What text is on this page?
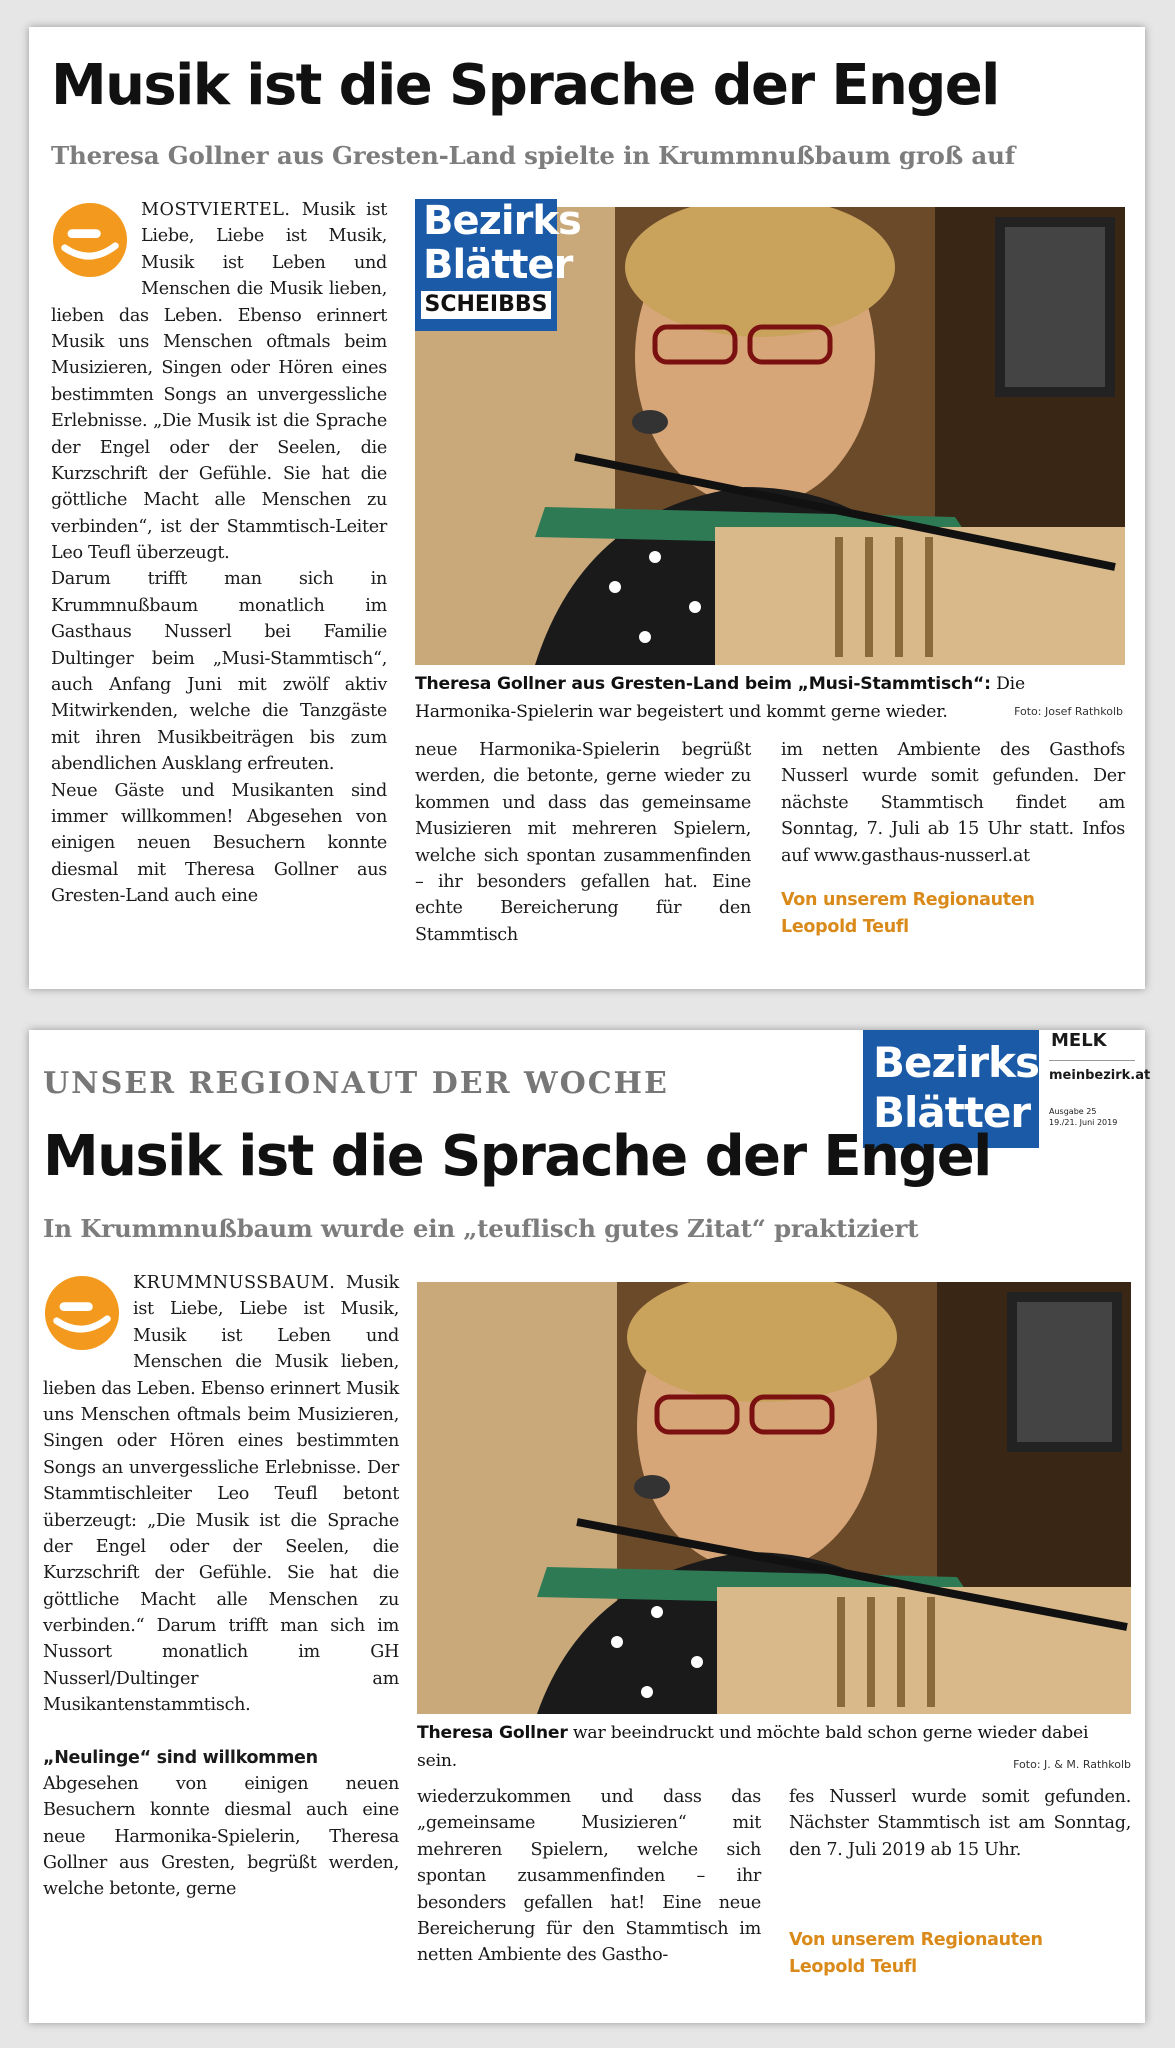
Musik ist die Sprache der Engel
Theresa Gollner aus Gresten-Land spielte in Krummnußbaum groß auf

MOSTVIERTEL. Musik ist Liebe, Liebe ist Musik, Musik ist Leben und Menschen die Musik lieben, lieben das Leben. Ebenso erinnert Musik uns Menschen oftmals beim Musizieren, Singen oder Hören eines bestimmten Songs an unvergessliche Erlebnisse. „Die Musik ist die Sprache der Engel oder der Seelen, die Kurzschrift der Gefühle. Sie hat die göttliche Macht alle Menschen zu verbinden“, ist der Stammtisch-Leiter Leo Teufl überzeugt.

Darum trifft man sich in Krummnußbaum monatlich im Gasthaus Nusserl bei Familie Dultinger beim „Musi-Stammtisch“, auch Anfang Juni mit zwölf aktiv Mitwirkenden, welche die Tanzgäste mit ihren Musikbeiträgen bis zum abendlichen Ausklang erfreuten.

Neue Gäste und Musikanten sind immer willkommen! Abgesehen von einigen neuen Besuchern konnte diesmal mit Theresa Gollner aus Gresten-Land auch eine

Bezirks
Blätter
SCHEIBBS
Theresa Gollner aus Gresten-Land beim „Musi-Stammtisch“: Die Harmonika-Spielerin war begeistert und kommt gerne wieder.	Foto: Josef Rathkolb

neue Harmonika-Spielerin begrüßt werden, die betonte, gerne wieder zu kommen und dass das gemeinsame Musizieren mit mehreren Spielern, welche sich spontan zusammenfinden – ihr besonders gefallen hat. Eine echte Bereicherung für den Stammtisch

im netten Ambiente des Gasthofs Nusserl wurde somit gefunden. Der nächste Stammtisch findet am Sonntag, 7. Juli ab 15 Uhr statt. Infos auf www.gasthaus-nusserl.at

Von unserem Regionauten
Leopold Teufl
UNSER REGIONAUT DER WOCHE	Bezirks
Blätter
MELK
meinbezirk.at
Ausgabe 25
19./21. Juni 2019
Musik ist die Sprache der Engel
In Krummnußbaum wurde ein „teuflisch gutes Zitat“ praktiziert

KRUMMNUSSBAUM. Musik ist Liebe, Liebe ist Musik, Musik ist Leben und Menschen die Musik lieben, lieben das Leben. Ebenso erinnert Musik uns Menschen oftmals beim Musizieren, Singen oder Hören eines bestimmten Songs an unvergessliche Erlebnisse. Der Stammtischleiter Leo Teufl betont überzeugt: „Die Musik ist die Sprache der Engel oder der Seelen, die Kurzschrift der Gefühle. Sie hat die göttliche Macht alle Menschen zu verbinden.“ Darum trifft man sich im Nussort monatlich im GH Nusserl/Dultinger am Musikantenstammtisch.

„Neulinge“ sind willkommen

Abgesehen von einigen neuen Besuchern konnte diesmal auch eine neue Harmonika-Spielerin, Theresa Gollner aus Gresten, begrüßt werden, welche betonte, gerne

Theresa Gollner war beeindruckt und möchte bald schon gerne wieder dabei sein.	Foto: J. & M. Rathkolb

wiederzukommen und dass das „gemeinsame Musizieren“ mit mehreren Spielern, welche sich spontan zusammenfinden – ihr besonders gefallen hat! Eine neue Bereicherung für den Stammtisch im netten Ambiente des Gastho-

fes Nusserl wurde somit gefunden. Nächster Stammtisch ist am Sonntag, den 7. Juli 2019 ab 15 Uhr.

Von unserem Regionauten
Leopold Teufl
